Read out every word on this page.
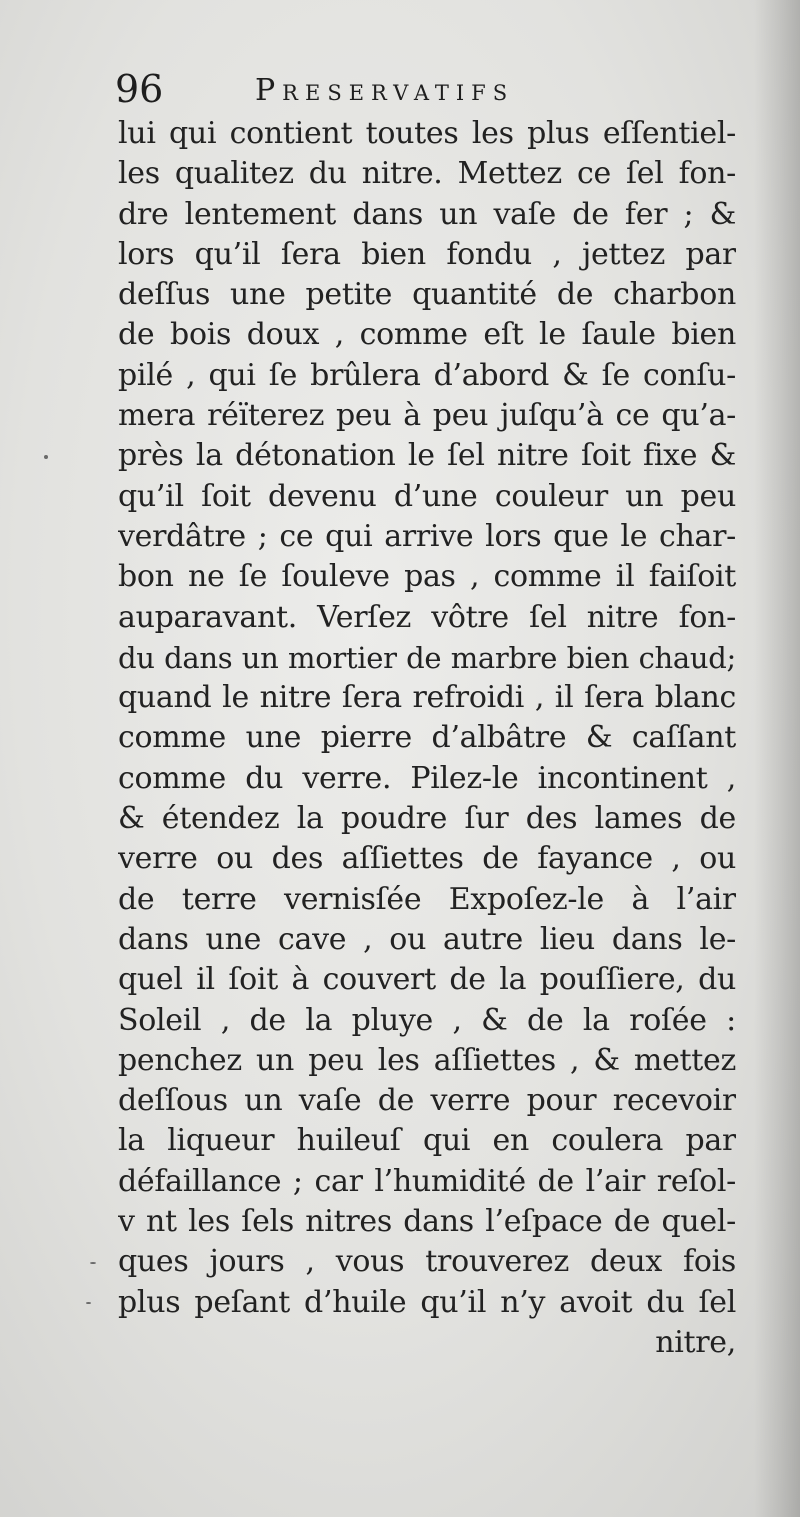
96	Preservatifs
lui qui contient toutes les plus eſſentiel-
les qualitez du nitre. Mettez ce ſel fon-
dre lentement dans un vaſe de fer ; &
lors qu’il ſera bien fondu , jettez par
deſſus une petite quantité de charbon
de bois doux , comme eſt le ſaule bien
pilé , qui ſe brûlera d’abord & ſe conſu-
mera réïterez peu à peu juſqu’à ce qu’a-
près la détonation le ſel nitre ſoit fixe &
qu’il ſoit devenu d’une couleur un peu
verdâtre ; ce qui arrive lors que le char-
bon ne ſe ſouleve pas , comme il faiſoit
auparavant. Verſez vôtre ſel nitre fon-
du dans un mortier de marbre bien chaud;
quand le nitre ſera refroidi , il ſera blanc
comme une pierre d’albâtre & caſſant
comme du verre. Pilez-le incontinent ,
& étendez la poudre ſur des lames de
verre ou des aſſiettes de fayance , ou
de terre vernisſée Expoſez-le à l’air
dans une cave , ou autre lieu dans le-
quel il ſoit à couvert de la pouſſiere, du
Soleil , de la pluye , & de la roſée :
penchez un peu les aſſiettes , & mettez
deſſous un vaſe de verre pour recevoir
la liqueur huileuſ qui en coulera par
défaillance ; car l’humidité de l’air reſol-
v nt les ſels nitres dans l’eſpace de quel-
ques jours , vous trouverez deux fois
plus peſant d’huile qu’il n’y avoit du ſel
nitre,
